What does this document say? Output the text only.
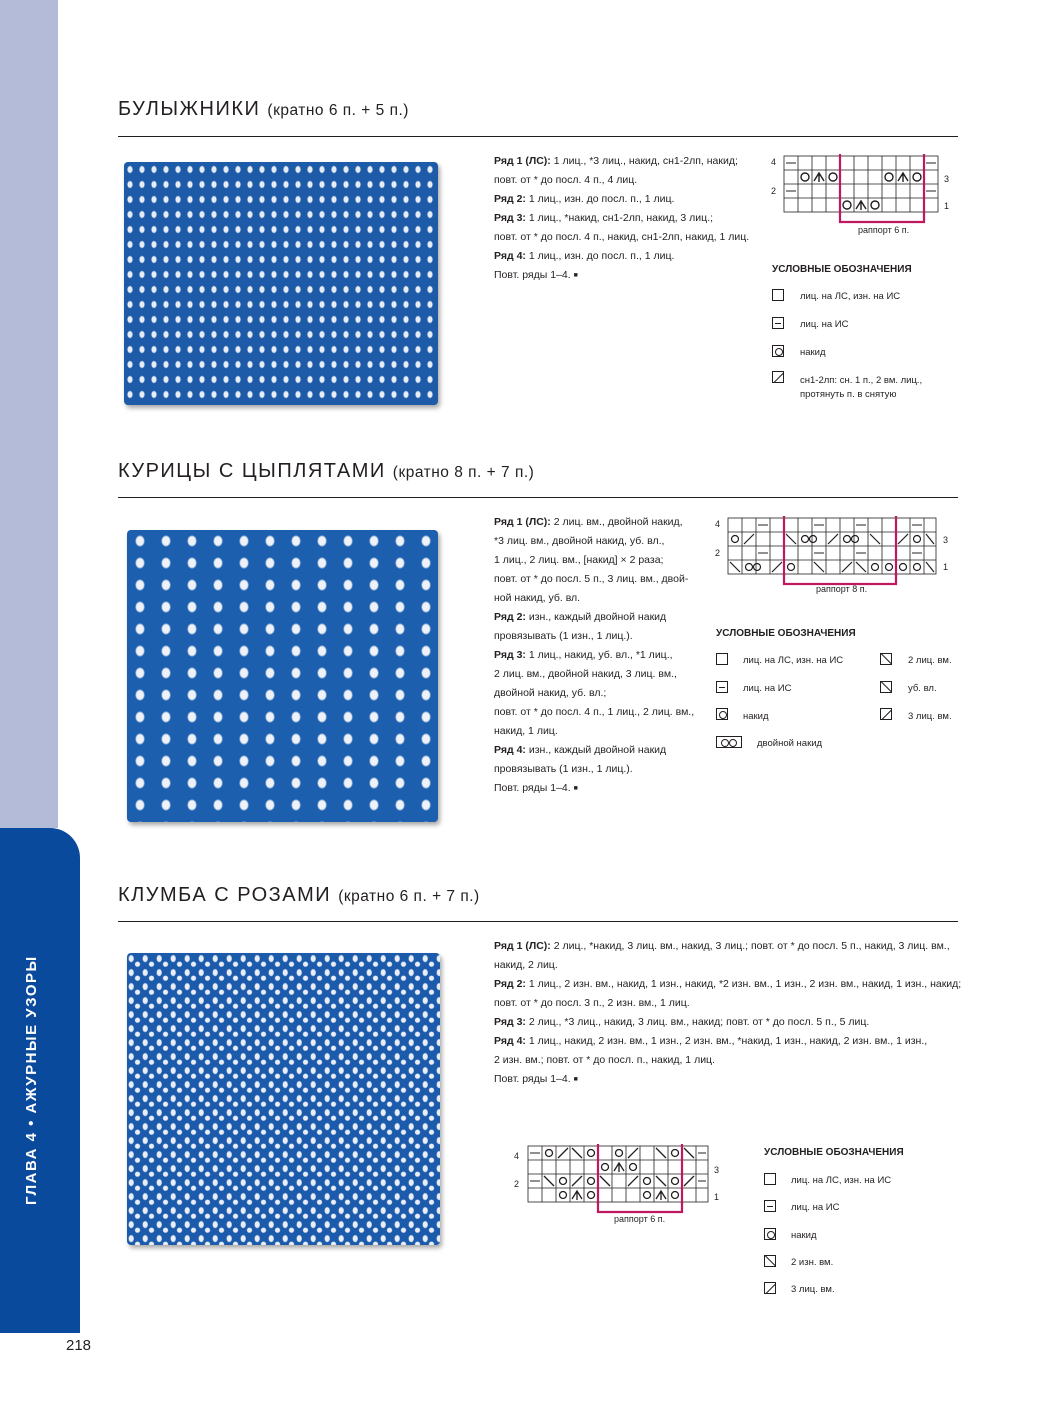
ГЛАВА 4 • АЖУРНЫЕ УЗОРЫ
218
БУЛЫЖНИКИ (кратно 6 п. + 5 п.)

Ряд 1 (ЛС): 1 лиц., *3 лиц., накид, сн1-2лп, накид;

повт. от * до посл. 4 п., 4 лиц.

Ряд 2: 1 лиц., изн. до посл. п., 1 лиц.

Ряд 3: 1 лиц., *накид, сн1-2лп, накид, 3 лиц.;

повт. от * до посл. 4 п., накид, сн1-2лп, накид, 1 лиц.

Ряд 4: 1 лиц., изн. до посл. п., 1 лиц.

Повт. ряды 1–4. ■

раппорт 6 п.
4
2
3
1
УСЛОВНЫЕ ОБОЗНАЧЕНИЯ
лиц. на ЛС, изн. на ИС
лиц. на ИС
накид
сн1-2лп: сн. 1 п., 2 вм. лиц.,
протянуть п. в снятую
КУРИЦЫ С ЦЫПЛЯТАМИ (кратно 8 п. + 7 п.)

Ряд 1 (ЛС): 2 лиц. вм., двойной накид,

*3 лиц. вм., двойной накид, уб. вл.,

1 лиц., 2 лиц. вм., [накид] × 2 раза;

повт. от * до посл. 5 п., 3 лиц. вм., двой-

ной накид, уб. вл.

Ряд 2: изн., каждый двойной накид

провязывать (1 изн., 1 лиц.).

Ряд 3: 1 лиц., накид, уб. вл., *1 лиц.,

2 лиц. вм., двойной накид, 3 лиц. вм.,

двойной накид, уб. вл.;

повт. от * до посл. 4 п., 1 лиц., 2 лиц. вм.,

накид, 1 лиц.

Ряд 4: изн., каждый двойной накид

провязывать (1 изн., 1 лиц.).

Повт. ряды 1–4. ■

раппорт 8 п.
4
2
3
1
УСЛОВНЫЕ ОБОЗНАЧЕНИЯ
лиц. на ЛС, изн. на ИС
лиц. на ИС
накид
двойной накид
2 лиц. вм.
уб. вл.
3 лиц. вм.
КЛУМБА С РОЗАМИ (кратно 6 п. + 7 п.)

Ряд 1 (ЛС): 2 лиц., *накид, 3 лиц. вм., накид, 3 лиц.; повт. от * до посл. 5 п., накид, 3 лиц. вм.,

накид, 2 лиц.

Ряд 2: 1 лиц., 2 изн. вм., накид, 1 изн., накид, *2 изн. вм., 1 изн., 2 изн. вм., накид, 1 изн., накид;

повт. от * до посл. 3 п., 2 изн. вм., 1 лиц.

Ряд 3: 2 лиц., *3 лиц., накид, 3 лиц. вм., накид; повт. от * до посл. 5 п., 5 лиц.

Ряд 4: 1 лиц., накид, 2 изн. вм., 1 изн., 2 изн. вм., *накид, 1 изн., накид, 2 изн. вм., 1 изн.,

2 изн. вм.; повт. от * до посл. п., накид, 1 лиц.

Повт. ряды 1–4. ■

раппорт 6 п.
4
2
3
1
УСЛОВНЫЕ ОБОЗНАЧЕНИЯ
лиц. на ЛС, изн. на ИС
лиц. на ИС
накид
2 изн. вм.
3 лиц. вм.
